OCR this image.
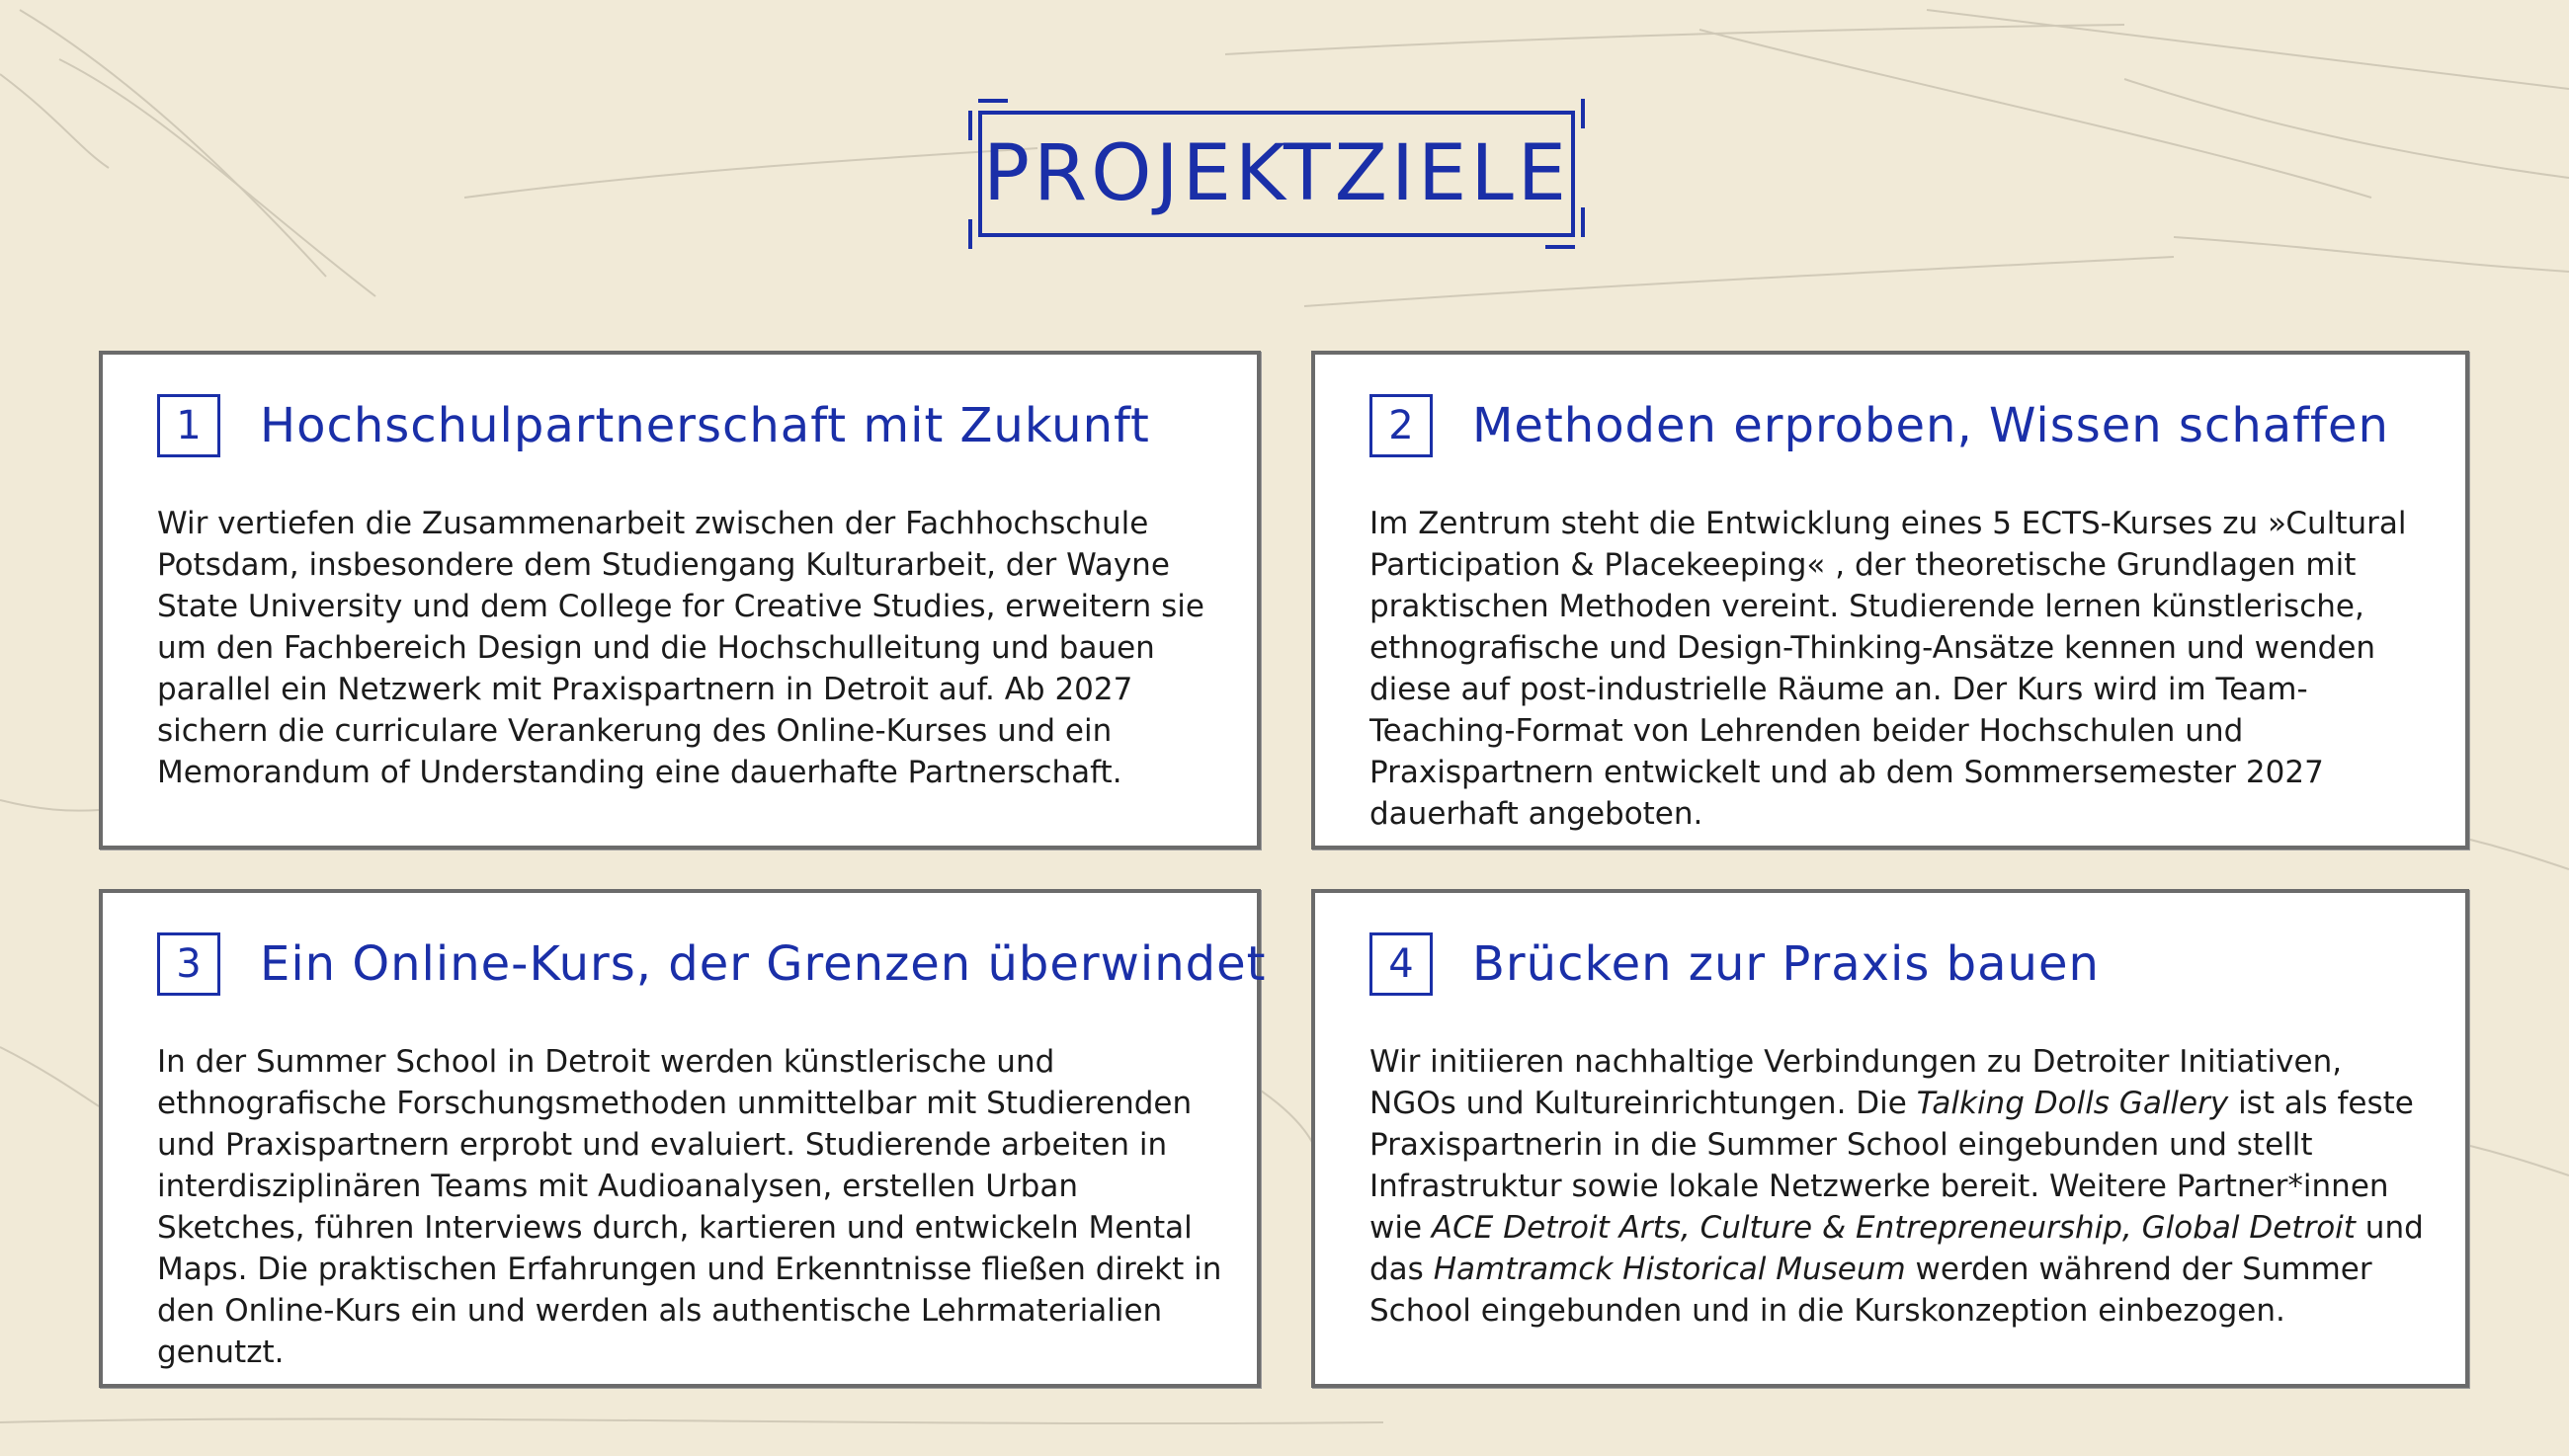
PROJEKTZIELE
1	Hochschulpartnerschaft mit Zukunft

Wir vertiefen die Zusammenarbeit zwischen der Fachhochschule Potsdam, insbesondere dem Studiengang Kulturarbeit, der Wayne State University und dem College for Creative Studies, erweitern sie um den Fachbereich Design und die Hochschulleitung und bauen parallel ein Netzwerk mit Praxispartnern in Detroit auf. Ab 2027 sichern die curriculare Verankerung des Online-Kurses und ein Memorandum of Understanding eine dauerhafte Partnerschaft.

2	Methoden erproben, Wissen schaffen

Im Zentrum steht die Entwicklung eines 5 ECTS-Kurses zu »Cultural Participation & Placekeeping« , der theoretische Grundlagen mit praktischen Methoden vereint. Studierende lernen künstlerische, ethnografische und Design-Thinking-Ansätze kennen und wenden diese auf post-industrielle Räume an. Der Kurs wird im Team-Teaching-Format von Lehrenden beider Hochschulen und Praxispartnern entwickelt und ab dem Sommersemester 2027 dauerhaft angeboten.

3	Ein Online-Kurs, der Grenzen überwindet

In der Summer School in Detroit werden künstlerische und ethnografische Forschungsmethoden unmittelbar mit Studierenden und Praxispartnern erprobt und evaluiert. Studierende arbeiten in interdisziplinären Teams mit Audioanalysen, erstellen Urban Sketches, führen Interviews durch, kartieren und entwickeln Mental Maps. Die praktischen Erfahrungen und Erkenntnisse fließen direkt in den Online-Kurs ein und werden als authentische Lehrmaterialien genutzt.

4	Brücken zur Praxis bauen

Wir initiieren nachhaltige Verbindungen zu Detroiter Initiativen, NGOs und Kultureinrichtungen. Die Talking Dolls Gallery ist als feste Praxispartnerin in die Summer School eingebunden und stellt Infrastruktur sowie lokale Netzwerke bereit. Weitere Partner*innen wie ACE Detroit Arts, Culture & Entrepreneurship, Global Detroit und das Hamtramck Historical Museum werden während der Summer School eingebunden und in die Kurskonzeption einbezogen.
